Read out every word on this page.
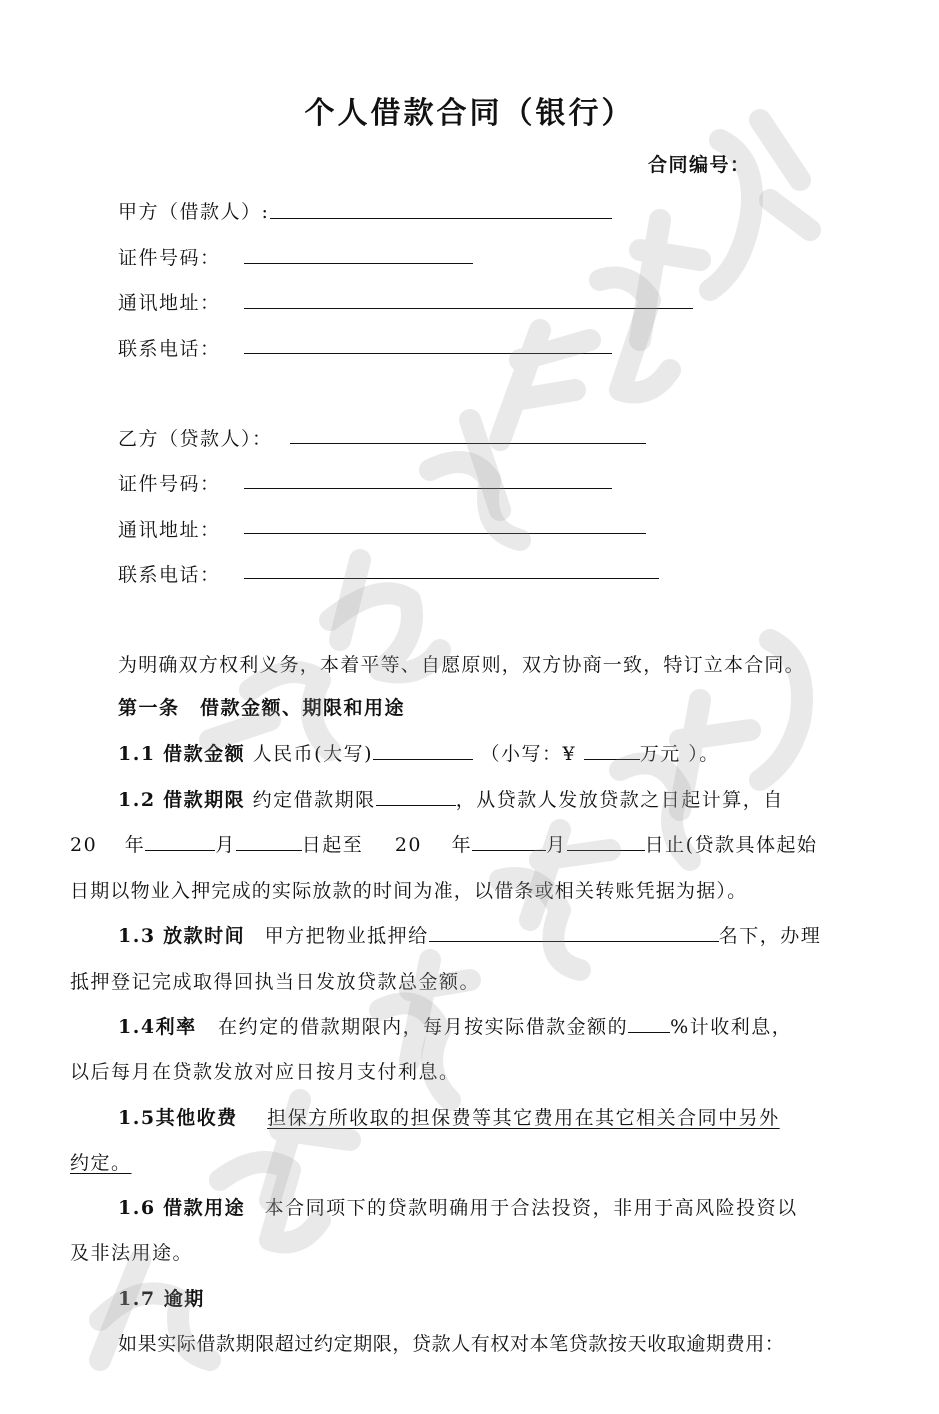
个人借款合同（银行）
合同编号：
甲方（借款人）:
证件号码：
通讯地址：
联系电话：
乙方（贷款人）：
证件号码：
通讯地址：
联系电话：
为明确双方权利义务，本着平等、自愿原则，双方协商一致，特订立本合同。
第一条　借款金额、期限和用途
1.1 借款金额 人民币(大写)	（小写：¥	万元 ）。
1.2 借款期限 约定借款期限	，从贷款人发放贷款之日起计算，自
20 年	月	日起至 20 年	月	日止(贷款具体起始
日期以物业入押完成的实际放款的时间为准，以借条或相关转账凭据为据）。
1.3 放款时间 甲方把物业抵押给	名下，办理
抵押登记完成取得回执当日发放贷款总金额。
1.4利率 在约定的借款期限内，每月按实际借款金额的 %计收利息，
以后每月在贷款发放对应日按月支付利息。
1.5其他收费 担保方所收取的担保费等其它费用在其它相关合同中另外
约定。
1.6 借款用途 本合同项下的贷款明确用于合法投资，非用于高风险投资以
及非法用途。
1.7 逾期
如果实际借款期限超过约定期限，贷款人有权对本笔贷款按天收取逾期费用：
